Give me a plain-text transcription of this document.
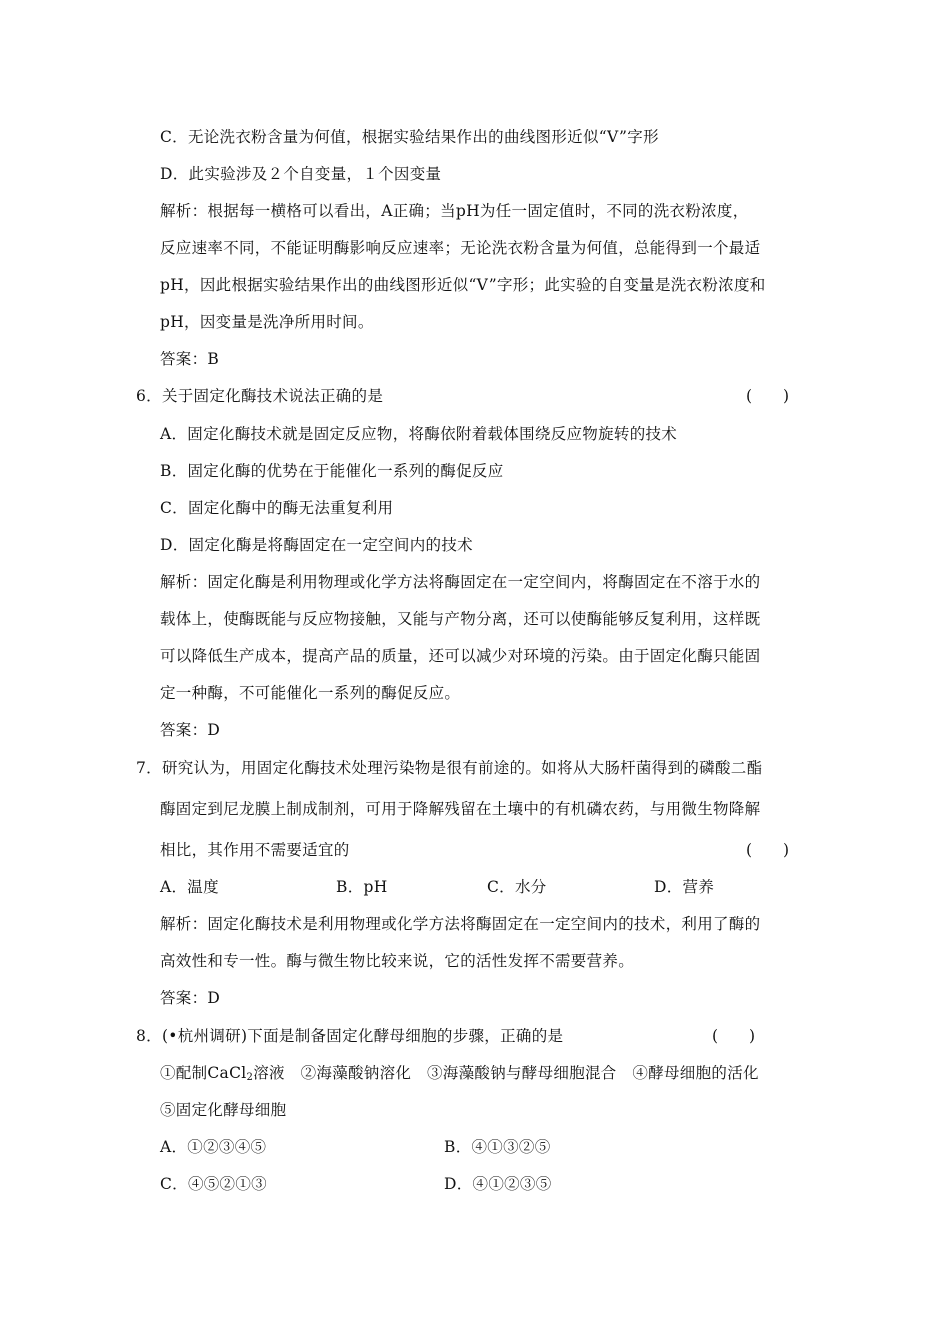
C．无论洗衣粉含量为何值，根据实验结果作出的曲线图形近似“V”字形
D．此实验涉及２个自变量，１个因变量
解析：根据每一横格可以看出，A正确；当pH为任一固定值时，不同的洗衣粉浓度，
反应速率不同，不能证明酶影响反应速率；无论洗衣粉含量为何值，总能得到一个最适
pH，因此根据实验结果作出的曲线图形近似“V”字形；此实验的自变量是洗衣粉浓度和
pH，因变量是洗净所用时间。
答案：B
6．关于固定化酶技术说法正确的是	(　　)
A．固定化酶技术就是固定反应物，将酶依附着载体围绕反应物旋转的技术
B．固定化酶的优势在于能催化一系列的酶促反应
C．固定化酶中的酶无法重复利用
D．固定化酶是将酶固定在一定空间内的技术
解析：固定化酶是利用物理或化学方法将酶固定在一定空间内，将酶固定在不溶于水的
载体上，使酶既能与反应物接触，又能与产物分离，还可以使酶能够反复利用，这样既
可以降低生产成本，提高产品的质量，还可以减少对环境的污染。由于固定化酶只能固
定一种酶，不可能催化一系列的酶促反应。
答案：D
7．研究认为，用固定化酶技术处理污染物是很有前途的。如将从大肠杆菌得到的磷酸二酯
酶固定到尼龙膜上制成制剂，可用于降解残留在土壤中的有机磷农药，与用微生物降解
相比，其作用不需要适宜的	(　　)
A．温度	B．pH	C．水分	D．营养
解析：固定化酶技术是利用物理或化学方法将酶固定在一定空间内的技术，利用了酶的
高效性和专一性。酶与微生物比较来说，它的活性发挥不需要营养。
答案：D
8．(•杭州调研)下面是制备固定化酵母细胞的步骤，正确的是	(　　)
①配制CaCl$_2$溶液　②海藻酸钠溶化　③海藻酸钠与酵母细胞混合　④酵母细胞的活化
⑤固定化酵母细胞
A．①②③④⑤	B．④①③②⑤
C．④⑤②①③	D．④①②③⑤
